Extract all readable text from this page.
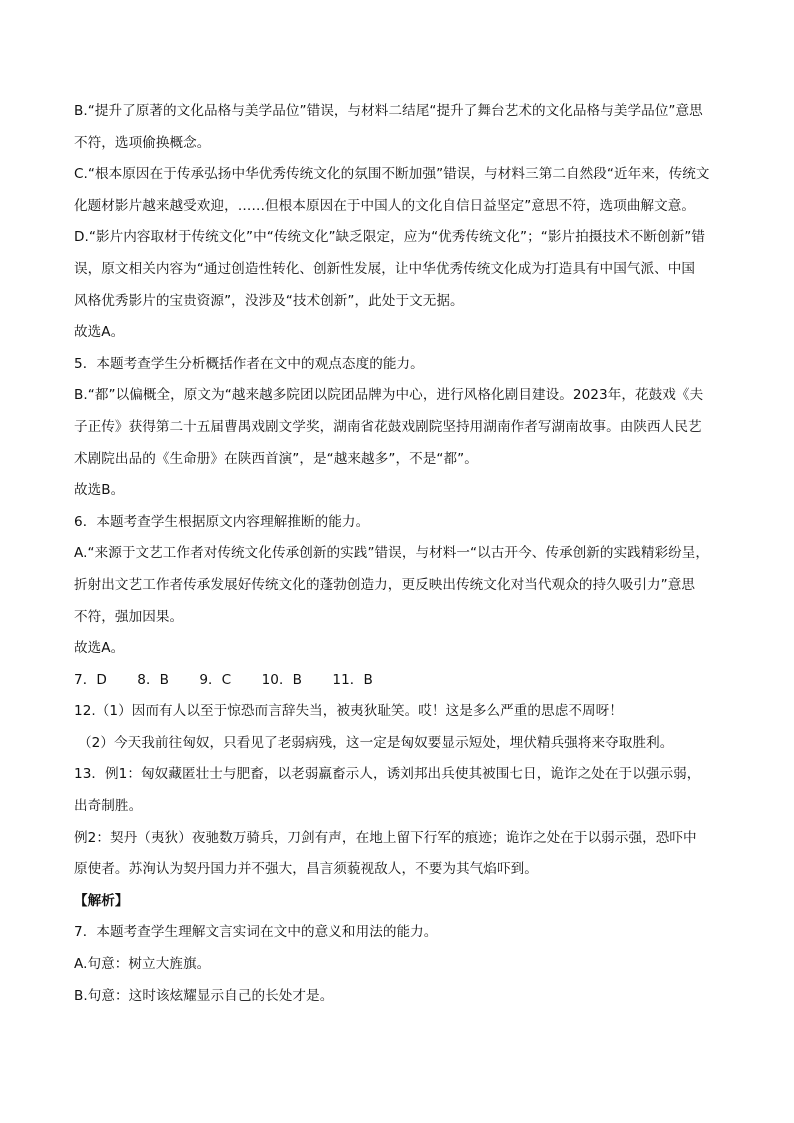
B.“提升了原著的文化品格与美学品位”错误，与材料二结尾“提升了舞台艺术的文化品格与美学品位”意思
不符，选项偷换概念。
C.“根本原因在于传承弘扬中华优秀传统文化的氛围不断加强”错误，与材料三第二自然段“近年来，传统文
化题材影片越来越受欢迎，……但根本原因在于中国人的文化自信日益坚定”意思不符，选项曲解文意。
D.“影片内容取材于传统文化”中“传统文化”缺乏限定，应为“优秀传统文化”；“影片拍摄技术不断创新”错
误，原文相关内容为“通过创造性转化、创新性发展，让中华优秀传统文化成为打造具有中国气派、中国
风格优秀影片的宝贵资源”，没涉及“技术创新”，此处于文无据。
故选A。
5．本题考查学生分析概括作者在文中的观点态度的能力。
B.“都”以偏概全，原文为“越来越多院团以院团品牌为中心，进行风格化剧目建设。2023年，花鼓戏《夫
子正传》获得第二十五届曹禺戏剧文学奖，湖南省花鼓戏剧院坚持用湖南作者写湖南故事。由陕西人民艺
术剧院出品的《生命册》在陕西首演”，是“越来越多”，不是“都”。
故选B。
6．本题考查学生根据原文内容理解推断的能力。
A.“来源于文艺工作者对传统文化传承创新的实践”错误，与材料一“以古开今、传承创新的实践精彩纷呈，
折射出文艺工作者传承发展好传统文化的蓬勃创造力，更反映出传统文化对当代观众的持久吸引力”意思
不符，强加因果。
故选A。
7．D 8．B 9．C 10．B 11．B
12.（1）因而有人以至于惊恐而言辞失当，被夷狄耻笑。哎！这是多么严重的思虑不周呀！
（2）今天我前往匈奴，只看见了老弱病残，这一定是匈奴要显示短处，埋伏精兵强将来夺取胜利。
13．例1：匈奴藏匿壮士与肥畜，以老弱羸畜示人，诱刘邦出兵使其被围七日，诡诈之处在于以强示弱，
出奇制胜。
例2：契丹（夷狄）夜驰数万骑兵，刀剑有声，在地上留下行军的痕迹；诡诈之处在于以弱示强，恐吓中
原使者。苏洵认为契丹国力并不强大，昌言须藐视敌人，不要为其气焰吓到。
【解析】
7．本题考查学生理解文言实词在文中的意义和用法的能力。
A.句意：树立大旌旗。
B.句意：这时该炫耀显示自己的长处才是。
